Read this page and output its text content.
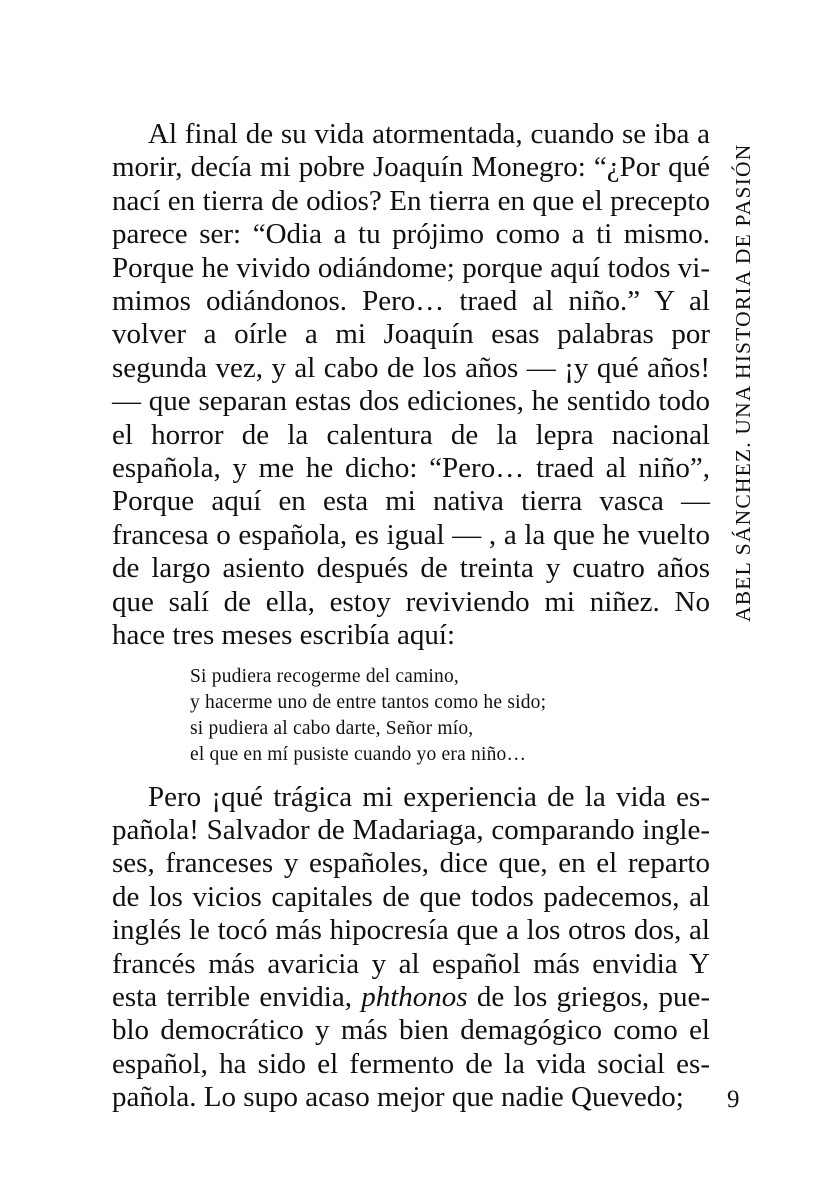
ABEL SÁNCHEZ. UNA HISTORIA DE PASIÓN

Al final de su vida atormentada, cuando se iba a morir, decía mi pobre Joaquín Monegro: “¿Por qué nací en tierra de odios? En tierra en que el precepto parece ser: “Odia a tu prójimo como a ti mismo. Porque he vivido odiándome; porque aquí todos vimimos odiándonos. Pero… traed al niño.” Y al volver a oírle a mi Joaquín esas palabras por segunda vez, y al cabo de los años — ¡y qué años! — que separan estas dos ediciones, he sentido todo el horror de la calentura de la lepra nacional española, y me he dicho: “Pero… traed al niño”, Porque aquí en esta mi nativa tierra vasca — francesa o española, es igual — , a la que he vuelto de largo asiento después de treinta y cuatro años que salí de ella, estoy reviviendo mi niñez. No hace tres meses escribía aquí:

Si pudiera recogerme del camino,
y hacerme uno de entre tantos como he sido;
si pudiera al cabo darte, Señor mío,
el que en mí pusiste cuando yo era niño…

Pero ¡qué trágica mi experiencia de la vida española! Salvador de Madariaga, comparando ingleses, franceses y españoles, dice que, en el reparto de los vicios capitales de que todos padecemos, al inglés le tocó más hipocresía que a los otros dos, al francés más avaricia y al español más envidia Y esta terrible envidia, phthonos de los griegos, pueblo democrático y más bien demagógico como el español, ha sido el fermento de la vida social española. Lo supo acaso mejor que nadie Quevedo;	9
